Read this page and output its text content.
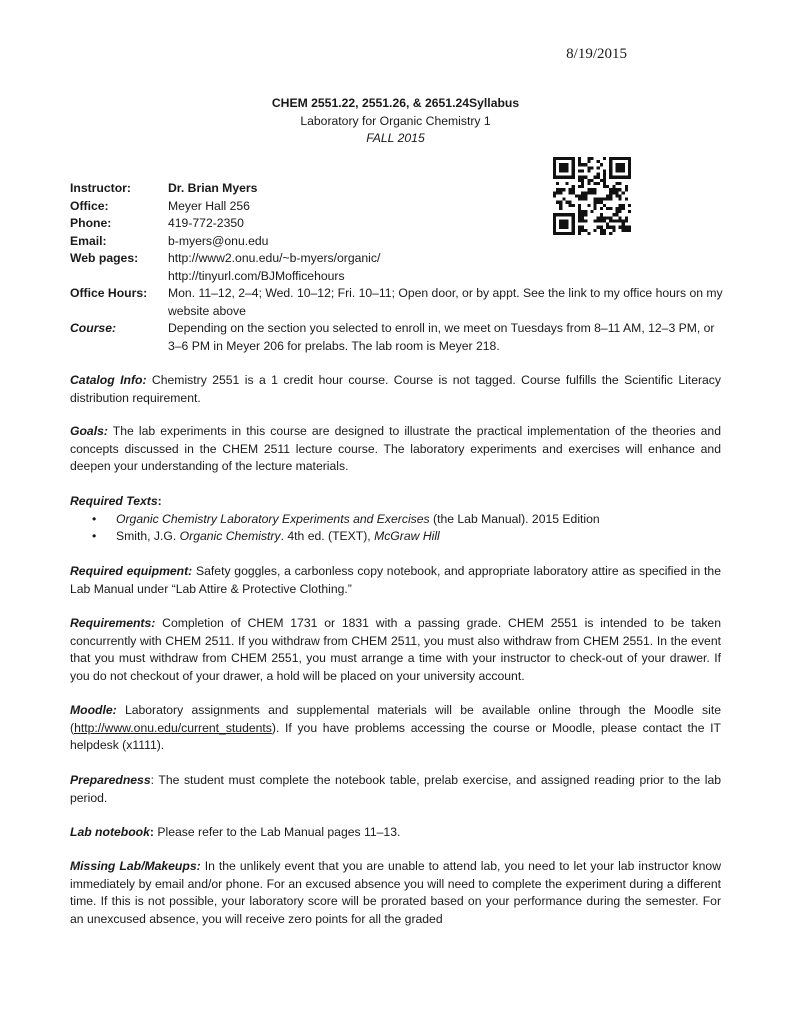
8/19/2015
CHEM 2551.22, 2551.26, & 2651.24Syllabus
Laboratory for Organic Chemistry 1
FALL 2015
Instructor:	Dr. Brian Myers
Office:	Meyer Hall 256
Phone:	419-772-2350
Email:	b-myers@onu.edu
Web pages:	http://www2.onu.edu/~b-myers/organic/
http://tinyurl.com/BJMofficehours
Office Hours:	Mon. 11–12, 2–4; Wed. 10–12; Fri. 10–11; Open door, or by appt. See the link to my office hours on my website above
Course:	Depending on the section you selected to enroll in, we meet on Tuesdays from 8–11 AM, 12–3 PM, or 3–6 PM in Meyer 206 for prelabs. The lab room is Meyer 218.
Catalog Info: Chemistry 2551 is a 1 credit hour course. Course is not tagged. Course fulfills the Scientific Literacy distribution requirement.
Goals: The lab experiments in this course are designed to illustrate the practical implementation of the theories and concepts discussed in the CHEM 2511 lecture course. The laboratory experiments and exercises will enhance and deepen your understanding of the lecture materials.
Required Texts:
• Organic Chemistry Laboratory Experiments and Exercises (the Lab Manual). 2015 Edition
• Smith, J.G. Organic Chemistry. 4th ed. (TEXT), McGraw Hill
Required equipment: Safety goggles, a carbonless copy notebook, and appropriate laboratory attire as specified in the Lab Manual under “Lab Attire & Protective Clothing.”
Requirements: Completion of CHEM 1731 or 1831 with a passing grade. CHEM 2551 is intended to be taken concurrently with CHEM 2511. If you withdraw from CHEM 2511, you must also withdraw from CHEM 2551. In the event that you must withdraw from CHEM 2551, you must arrange a time with your instructor to check-out of your drawer. If you do not checkout of your drawer, a hold will be placed on your university account.
Moodle: Laboratory assignments and supplemental materials will be available online through the Moodle site (http://www.onu.edu/current_students). If you have problems accessing the course or Moodle, please contact the IT helpdesk (x1111).
Preparedness: The student must complete the notebook table, prelab exercise, and assigned reading prior to the lab period.
Lab notebook: Please refer to the Lab Manual pages 11–13.
Missing Lab/Makeups: In the unlikely event that you are unable to attend lab, you need to let your lab instructor know immediately by email and/or phone. For an excused absence you will need to complete the experiment during a different time. If this is not possible, your laboratory score will be prorated based on your performance during the semester. For an unexcused absence, you will receive zero points for all the graded
